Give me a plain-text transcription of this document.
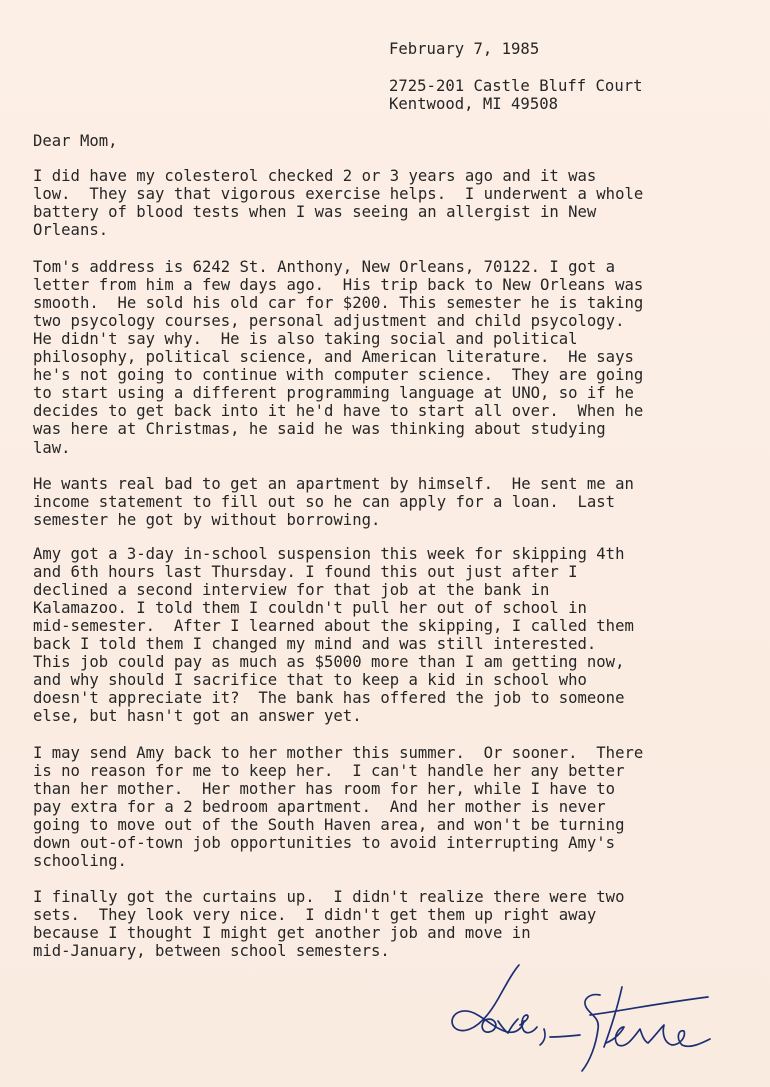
February 7, 1985

2725-201 Castle Bluff Court

Kentwood, MI 49508

Dear Mom,

I did have my colesterol checked 2 or 3 years ago and it was

low.  They say that vigorous exercise helps.  I underwent a whole

battery of blood tests when I was seeing an allergist in New

Orleans.

Tom's address is 6242 St. Anthony, New Orleans, 70122. I got a

letter from him a few days ago.  His trip back to New Orleans was

smooth.  He sold his old car for $200. This semester he is taking

two psycology courses, personal adjustment and child psycology.

He didn't say why.  He is also taking social and political

philosophy, political science, and American literature.  He says

he's not going to continue with computer science.  They are going

to start using a different programming language at UNO, so if he

decides to get back into it he'd have to start all over.  When he

was here at Christmas, he said he was thinking about studying

law.

He wants real bad to get an apartment by himself.  He sent me an

income statement to fill out so he can apply for a loan.  Last

semester he got by without borrowing.

Amy got a 3-day in-school suspension this week for skipping 4th

and 6th hours last Thursday. I found this out just after I

declined a second interview for that job at the bank in

Kalamazoo. I told them I couldn't pull her out of school in

mid-semester.  After I learned about the skipping, I called them

back I told them I changed my mind and was still interested.

This job could pay as much as $5000 more than I am getting now,

and why should I sacrifice that to keep a kid in school who

doesn't appreciate it?  The bank has offered the job to someone

else, but hasn't got an answer yet.

I may send Amy back to her mother this summer.  Or sooner.  There

is no reason for me to keep her.  I can't handle her any better

than her mother.  Her mother has room for her, while I have to

pay extra for a 2 bedroom apartment.  And her mother is never

going to move out of the South Haven area, and won't be turning

down out-of-town job opportunities to avoid interrupting Amy's

schooling.

I finally got the curtains up.  I didn't realize there were two

sets.  They look very nice.  I didn't get them up right away

because I thought I might get another job and move in

mid-January, between school semesters.
